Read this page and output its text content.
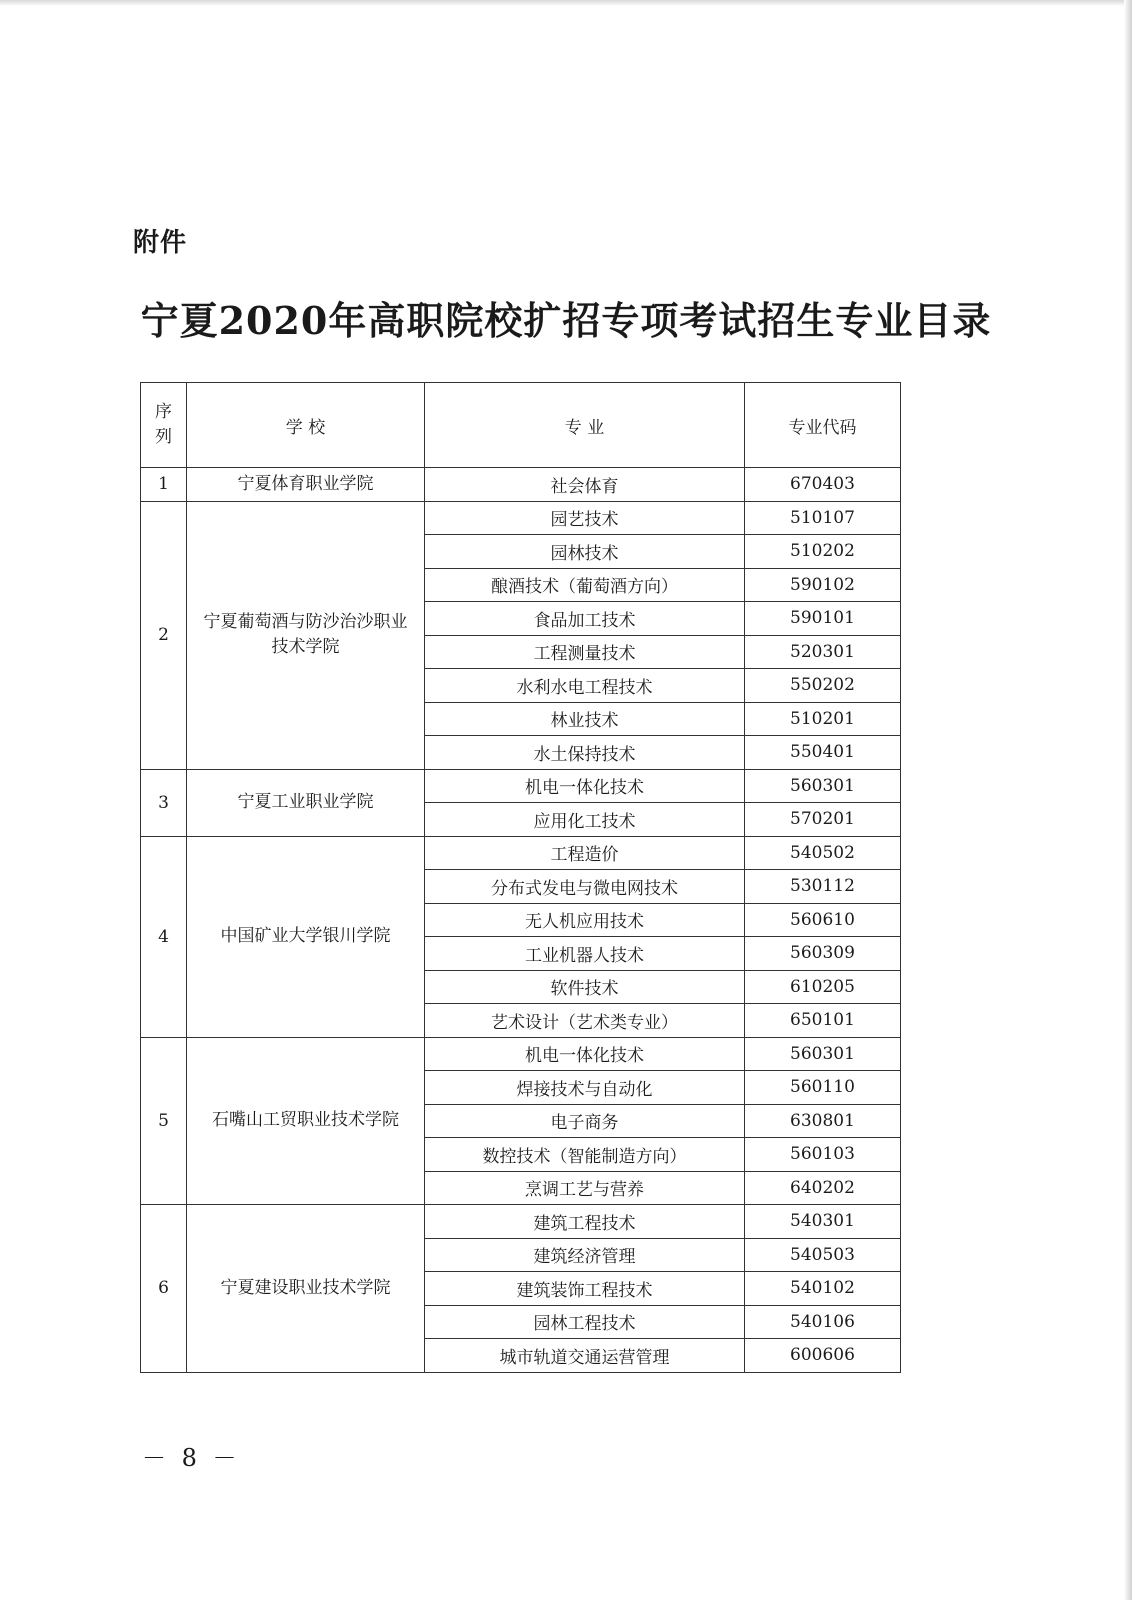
附件
宁夏2020年高职院校扩招专项考试招生专业目录
序列	学 校	专 业	专业代码
1	宁夏体育职业学院	社会体育	670403
2	宁夏葡萄酒与防沙治沙职业技术学院	园艺技术	510107
		园林技术	510202
		酿酒技术（葡萄酒方向）	590102
		食品加工技术	590101
		工程测量技术	520301
		水利水电工程技术	550202
		林业技术	510201
		水土保持技术	550401
3	宁夏工业职业学院	机电一体化技术	560301
		应用化工技术	570201
4	中国矿业大学银川学院	工程造价	540502
		分布式发电与微电网技术	530112
		无人机应用技术	560610
		工业机器人技术	560309
		软件技术	610205
		艺术设计（艺术类专业）	650101
5	石嘴山工贸职业技术学院	机电一体化技术	560301
		焊接技术与自动化	560110
		电子商务	630801
		数控技术（智能制造方向）	560103
		烹调工艺与营养	640202
6	宁夏建设职业技术学院	建筑工程技术	540301
		建筑经济管理	540503
		建筑装饰工程技术	540102
		园林工程技术	540106
		城市轨道交通运营管理	600606
－ 8 －
